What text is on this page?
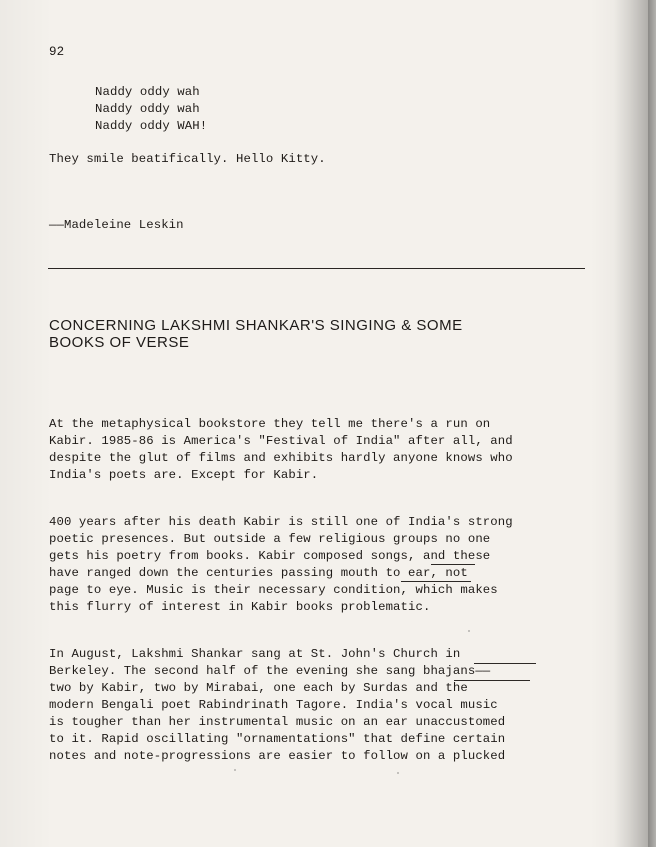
92
Naddy oddy wah
Naddy oddy wah
Naddy oddy WAH!
They smile beatifically. Hello Kitty.
——Madeleine Leskin
CONCERNING LAKSHMI SHANKAR'S SINGING & SOME
BOOKS OF VERSE
At the metaphysical bookstore they tell me there's a run on
Kabir. 1985-86 is America's "Festival of India" after all, and
despite the glut of films and exhibits hardly anyone knows who
India's poets are. Except for Kabir.
400 years after his death Kabir is still one of India's strong
poetic presences. But outside a few religious groups no one
gets his poetry from books. Kabir composed songs, and these
have ranged down the centuries passing mouth to ear, not
page to eye. Music is their necessary condition, which makes
this flurry of interest in Kabir books problematic.
In August, Lakshmi Shankar sang at St. John's Church in
Berkeley. The second half of the evening she sang bhajans——
two by Kabir, two by Mirabai, one each by Surdas and the
modern Bengali poet Rabindrinath Tagore. India's vocal music
is tougher than her instrumental music on an ear unaccustomed
to it. Rapid oscillating "ornamentations" that define certain
notes and note-progressions are easier to follow on a plucked
